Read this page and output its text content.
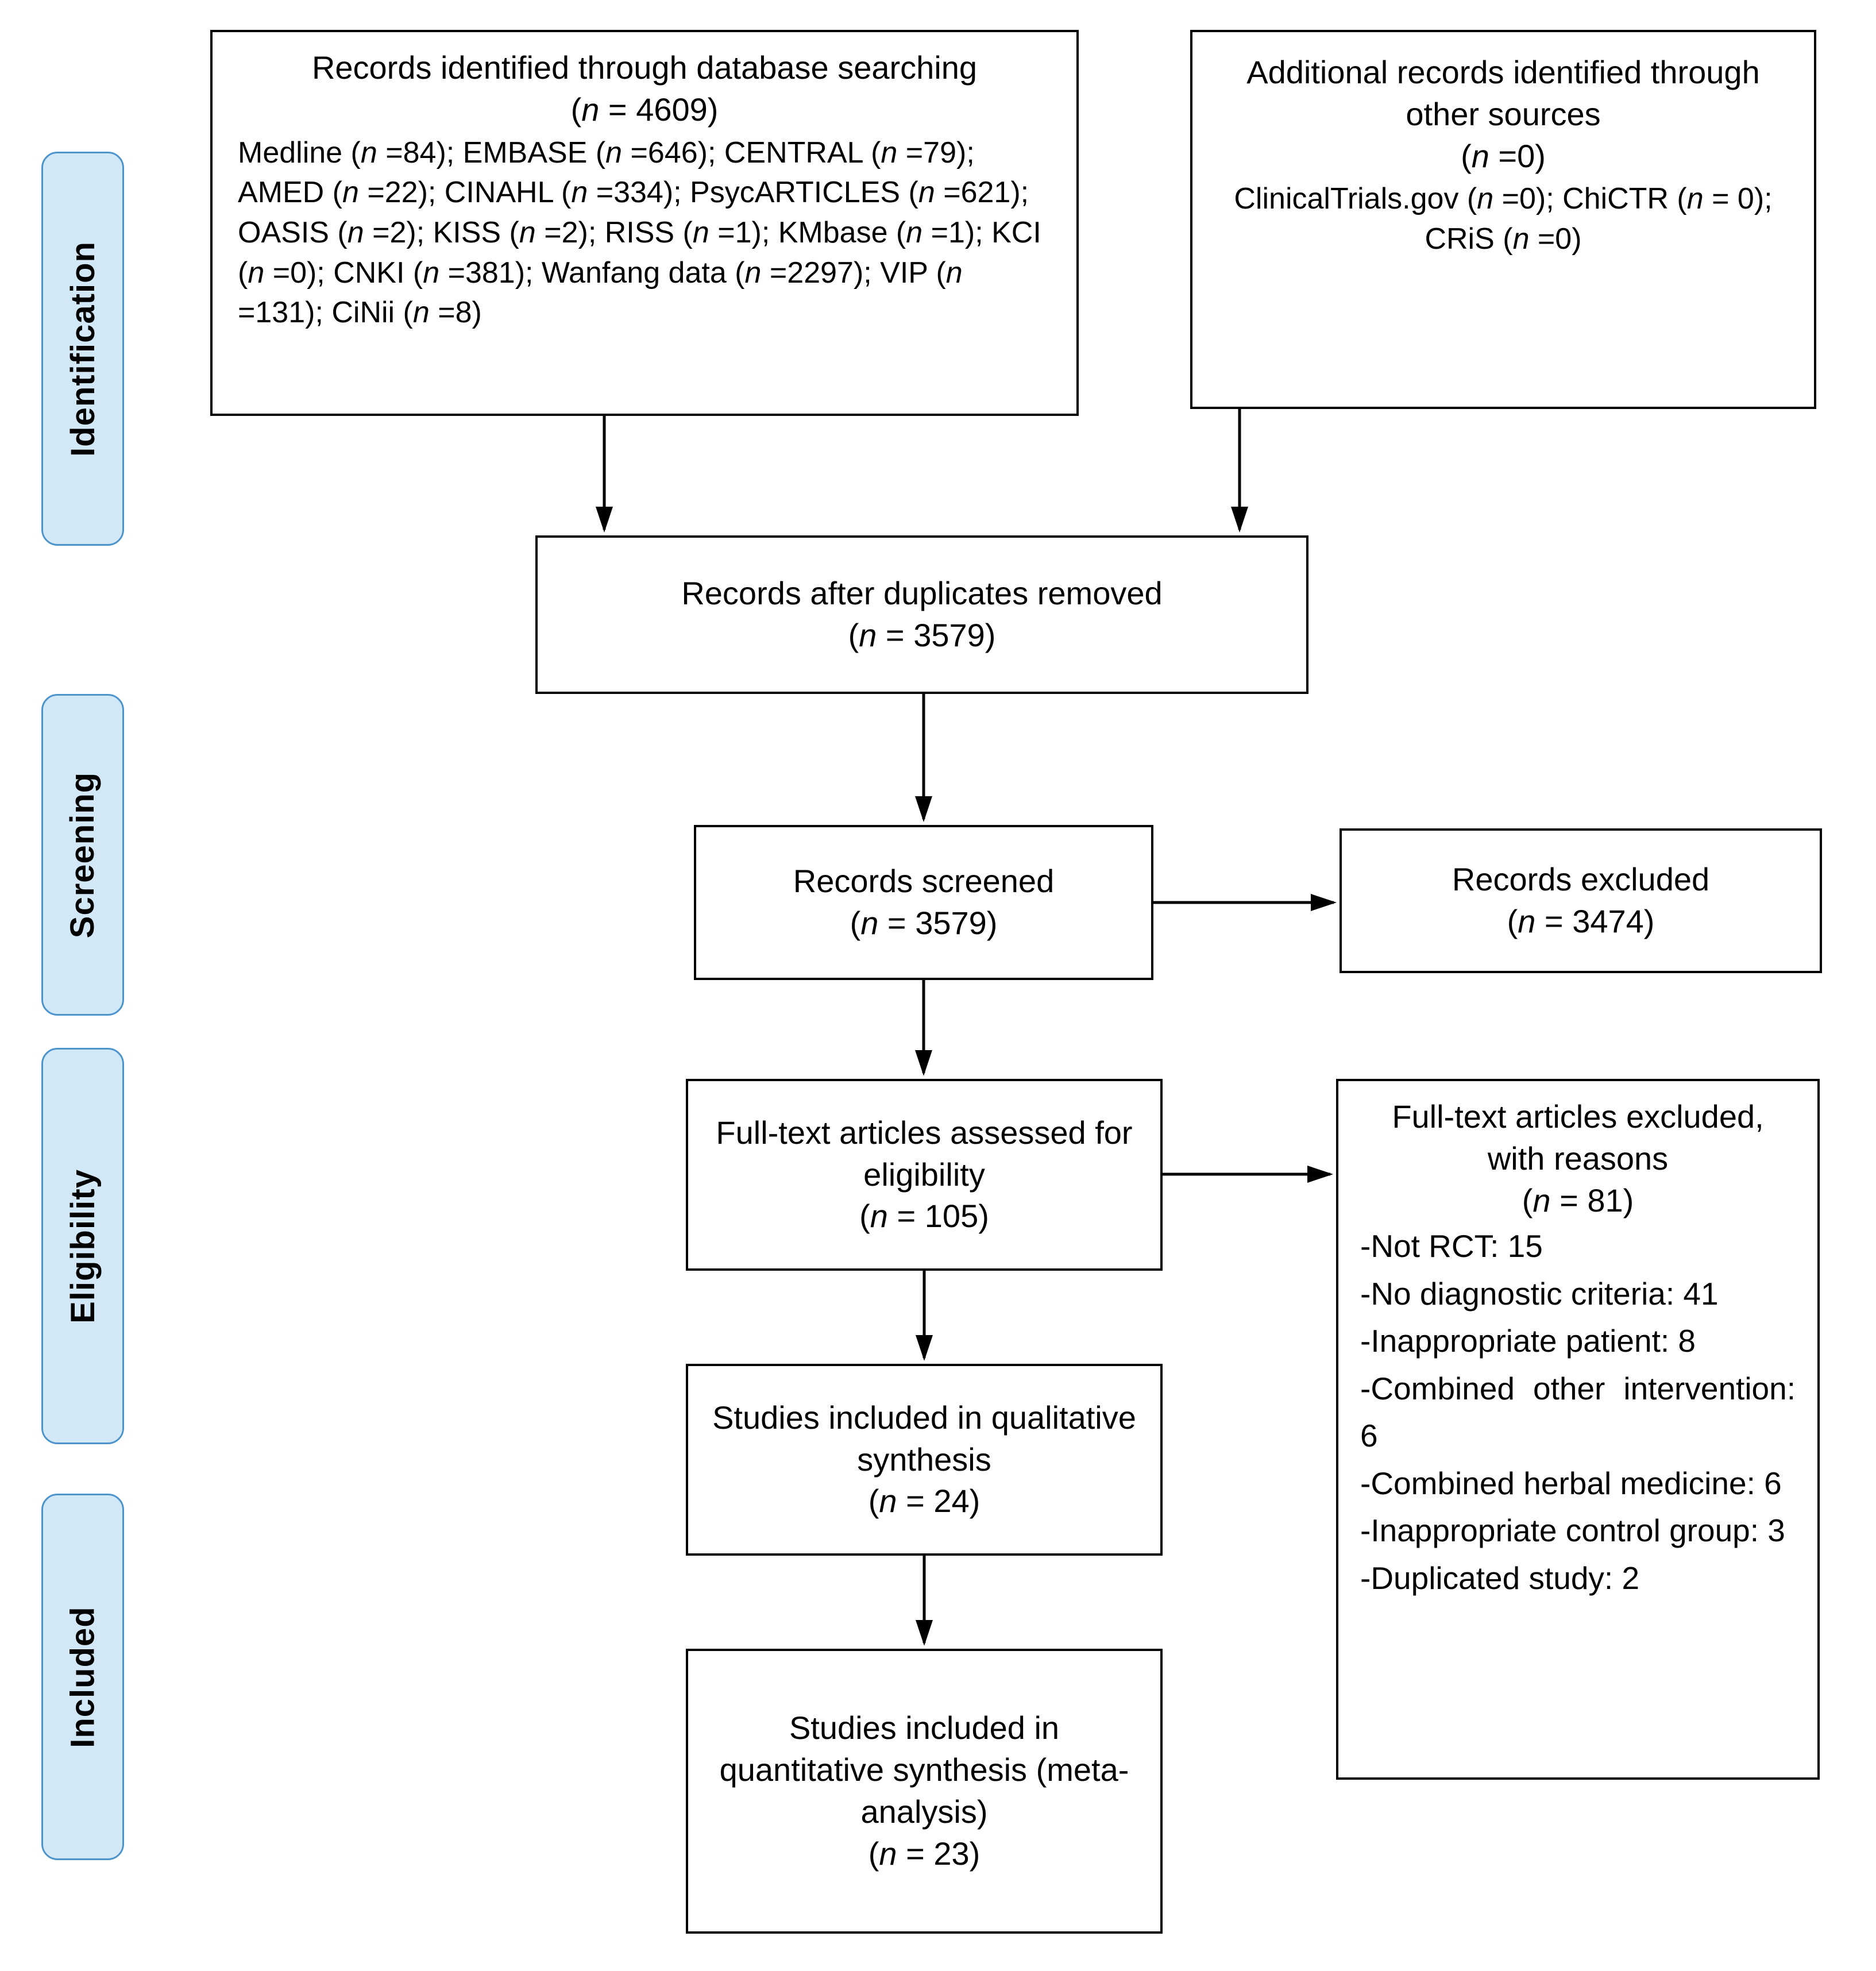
Identification
Screening
Eligibility
Included
Records identified through database searching
(n = 4609)
Medline (n =84); EMBASE (n =646); CENTRAL (n =79); AMED (n =22); CINAHL (n =334); PsycARTICLES (n =621); OASIS (n =2); KISS (n =2); RISS (n =1); KMbase (n =1); KCI (n =0); CNKI (n =381); Wanfang data (n =2297); VIP (n =131); CiNii (n =8)
Additional records identified through other sources
(n =0)
ClinicalTrials.gov (n =0); ChiCTR (n = 0); CRiS (n =0)
Records after duplicates removed
(n = 3579)
Records screened
(n = 3579)
Records excluded
(n = 3474)
Full-text articles assessed for eligibility
(n = 105)
Full-text articles excluded, with reasons
(n = 81)
-Not RCT: 15
-No diagnostic criteria: 41
-Inappropriate patient: 8
-Combined other intervention: 6
-Combined herbal medicine: 6
-Inappropriate control group: 3
-Duplicated study: 2
Studies included in qualitative synthesis
(n = 24)
Studies included in quantitative synthesis (meta-analysis)
(n = 23)
